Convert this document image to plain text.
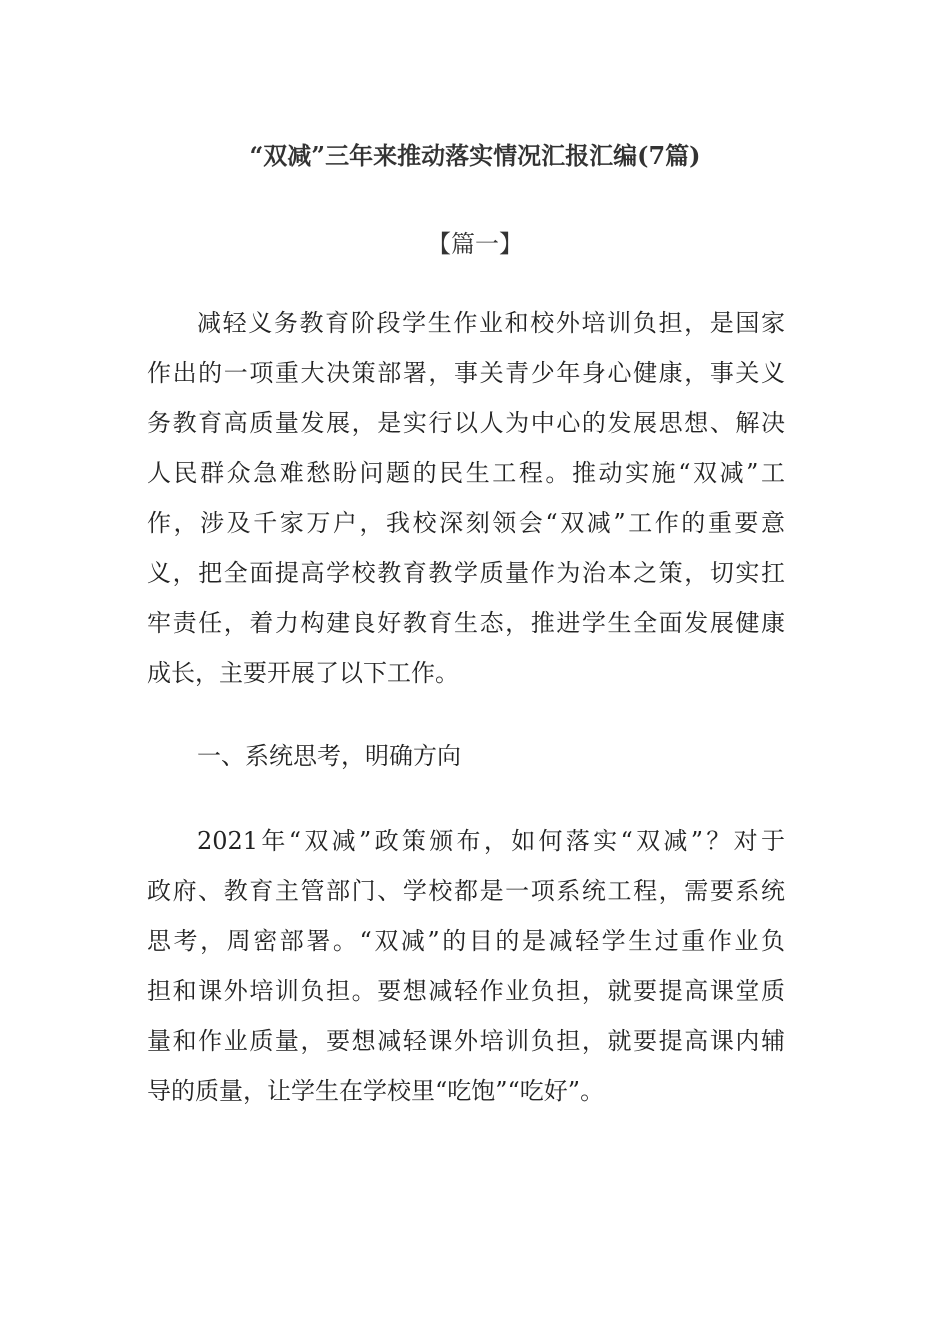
“双减”三年来推动落实情况汇报汇编(7篇)
【篇一】
减轻义务教育阶段学生作业和校外培训负担，是国家
作出的一项重大决策部署，事关青少年身心健康，事关义
务教育高质量发展，是实行以人为中心的发展思想、解决
人民群众急难愁盼问题的民生工程。推动实施“双减”工
作，涉及千家万户，我校深刻领会“双减”工作的重要意
义，把全面提高学校教育教学质量作为治本之策，切实扛
牢责任，着力构建良好教育生态，推进学生全面发展健康
成长，主要开展了以下工作。
一、系统思考，明确方向
2021年“双减”政策颁布，如何落实“双减”？对于
政府、教育主管部门、学校都是一项系统工程，需要系统
思考，周密部署。“双减”的目的是减轻学生过重作业负
担和课外培训负担。要想减轻作业负担，就要提高课堂质
量和作业质量，要想减轻课外培训负担，就要提高课内辅
导的质量，让学生在学校里“吃饱”“吃好”。
